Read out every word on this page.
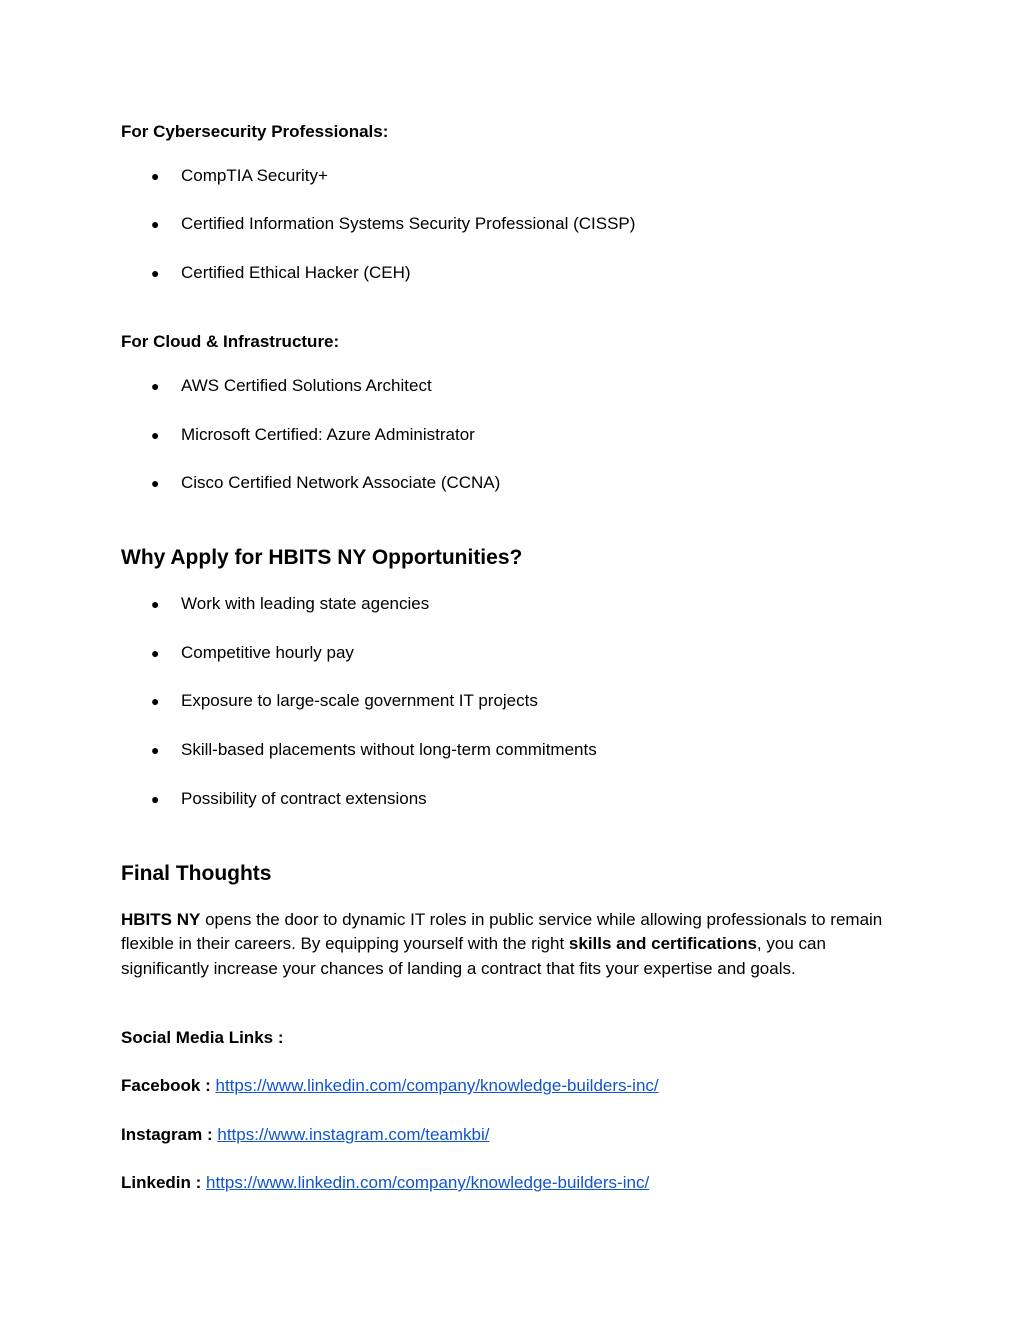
For Cybersecurity Professionals:
● CompTIA Security+
● Certified Information Systems Security Professional (CISSP)
● Certified Ethical Hacker (CEH)
For Cloud & Infrastructure:
● AWS Certified Solutions Architect
● Microsoft Certified: Azure Administrator
● Cisco Certified Network Associate (CCNA)
Why Apply for HBITS NY Opportunities?
● Work with leading state agencies
● Competitive hourly pay
● Exposure to large-scale government IT projects
● Skill-based placements without long-term commitments
● Possibility of contract extensions
Final Thoughts
HBITS NY opens the door to dynamic IT roles in public service while allowing professionals to remain flexible in their careers. By equipping yourself with the right skills and certifications, you can significantly increase your chances of landing a contract that fits your expertise and goals.
Social Media Links :
Facebook : https://www.linkedin.com/company/knowledge-builders-inc/
Instagram : https://www.instagram.com/teamkbi/
Linkedin : https://www.linkedin.com/company/knowledge-builders-inc/
